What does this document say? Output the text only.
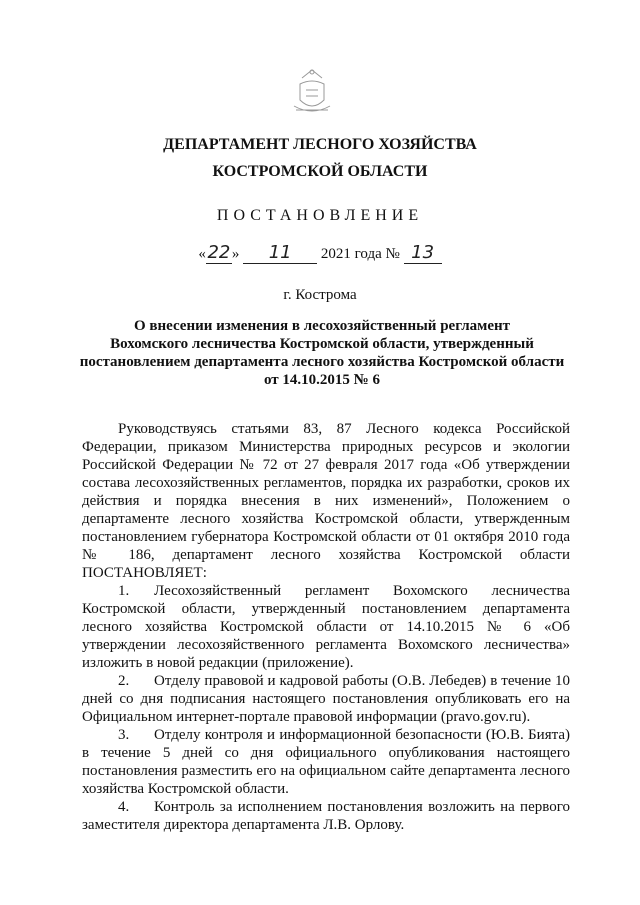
ДЕПАРТАМЕНТ ЛЕСНОГО ХОЗЯЙСТВА
КОСТРОМСКОЙ ОБЛАСТИ
ПОСТАНОВЛЕНИЕ
«22 » 11 2021 года № 13
г. Кострома
О внесении изменения в лесохозяйственный регламент
Вохомского лесничества Костромской области, утвержденный
постановлением департамента лесного хозяйства Костромской области
от 14.10.2015 № 6

Руководствуясь статьями 83, 87 Лесного кодекса Российской Федерации, приказом Министерства природных ресурсов и экологии Российской Федерации № 72 от 27 февраля 2017 года «Об утверждении состава лесохозяйственных регламентов, порядка их разработки, сроков их действия и порядка внесения в них изменений», Положением о департаменте лесного хозяйства Костромской области, утвержденным постановлением губернатора Костромской области от 01 октября 2010 года № 186, департамент лесного хозяйства Костромской области ПОСТАНОВЛЯЕТ:

1. Лесохозяйственный регламент Вохомского лесничества Костромской области, утвержденный постановлением департамента лесного хозяйства Костромской области от 14.10.2015 № 6 «Об утверждении лесохозяйственного регламента Вохомского лесничества» изложить в новой редакции (приложение).

2. Отделу правовой и кадровой работы (О.В. Лебедев) в течение 10 дней со дня подписания настоящего постановления опубликовать его на Официальном интернет-портале правовой информации (pravo.gov.ru).

3. Отделу контроля и информационной безопасности (Ю.В. Бията) в течение 5 дней со дня официального опубликования настоящего постановления разместить его на официальном сайте департамента лесного хозяйства Костромской области.

4. Контроль за исполнением постановления возложить на первого заместителя директора департамента Л.В. Орлову.
